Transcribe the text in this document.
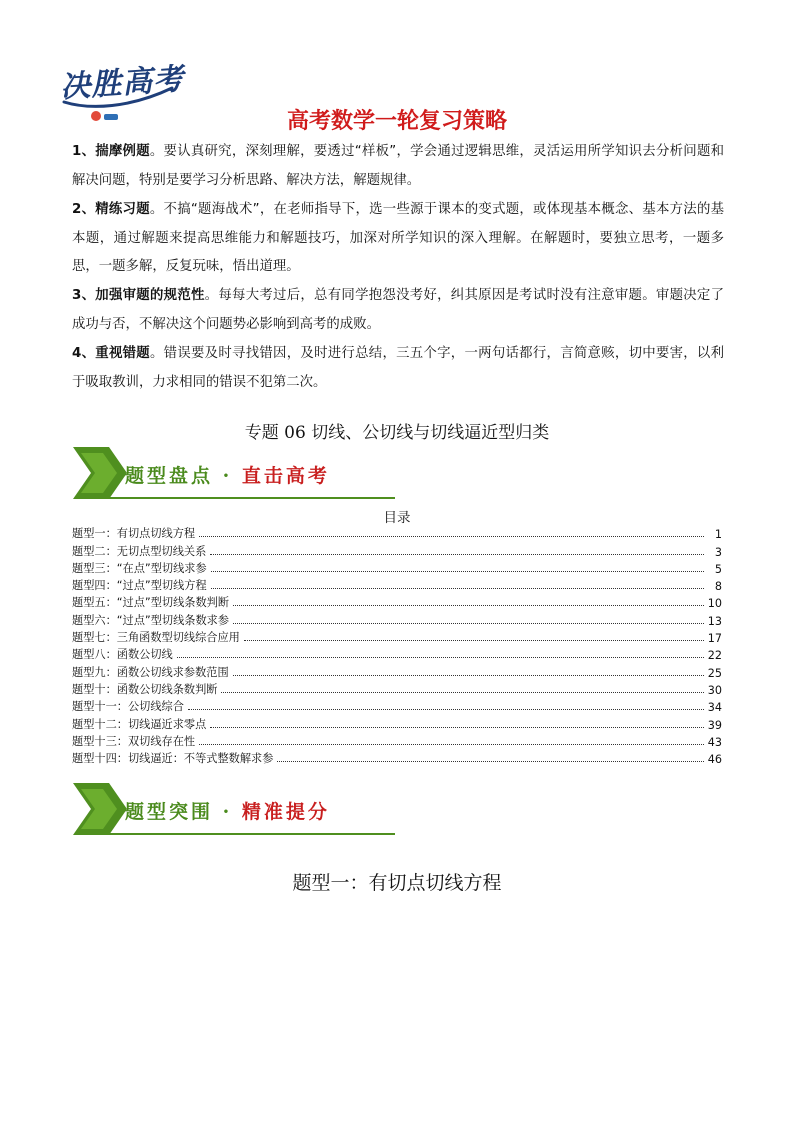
决胜高考
高考数学一轮复习策略
1、揣摩例题。要认真研究，深刻理解，要透过“样板”，学会通过逻辑思维，灵活运用所学知识去分析问题和解决问题，特别是要学习分析思路、解决方法，解题规律。
2、精练习题。不搞“题海战术”，在老师指导下，选一些源于课本的变式题，或体现基本概念、基本方法的基本题，通过解题来提高思维能力和解题技巧，加深对所学知识的深入理解。在解题时，要独立思考，一题多思，一题多解，反复玩味，悟出道理。
3、加强审题的规范性。每每大考过后，总有同学抱怨没考好，纠其原因是考试时没有注意审题。审题决定了成功与否，不解决这个问题势必影响到高考的成败。
4、重视错题。错误要及时寻找错因，及时进行总结，三五个字，一两句话都行，言简意赅，切中要害，以利于吸取教训，力求相同的错误不犯第二次。
专题 06 切线、公切线与切线逼近型归类
题型盘点 · 直击高考
目录
题型一：有切点切线方程	1
题型二：无切点型切线关系	3
题型三：“在点”型切线求参	5
题型四：“过点”型切线方程	8
题型五：“过点”型切线条数判断	10
题型六：“过点”型切线条数求参	13
题型七：三角函数型切线综合应用	17
题型八：函数公切线	22
题型九：函数公切线求参数范围	25
题型十：函数公切线条数判断	30
题型十一：公切线综合	34
题型十二：切线逼近求零点	39
题型十三：双切线存在性	43
题型十四：切线逼近：不等式整数解求参	46
题型突围 · 精准提分
题型一：有切点切线方程
